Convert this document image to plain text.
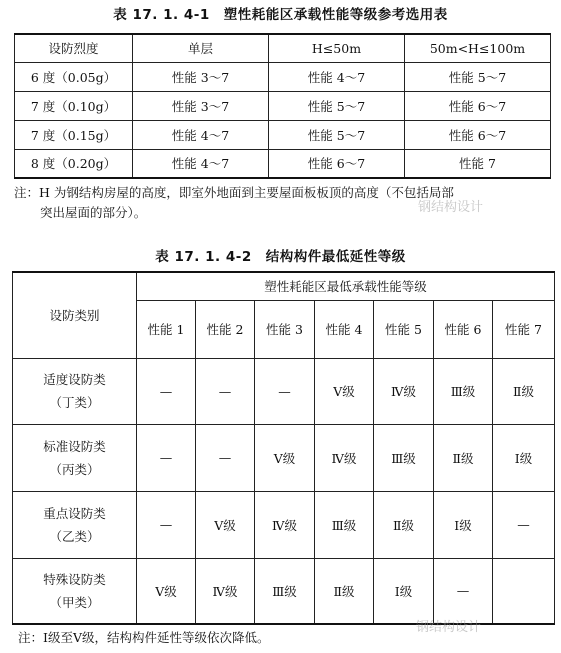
表 17. 1. 4-1　塑性耗能区承载性能等级参考选用表
设防烈度	单层	H≤50m	50m<H≤100m
6 度（0.05g）	性能 3～7	性能 4～7	性能 5～7
7 度（0.10g）	性能 3～7	性能 5～7	性能 6～7
7 度（0.15g）	性能 4～7	性能 5～7	性能 6～7
8 度（0.20g）	性能 4～7	性能 6～7	性能 7
注：H 为钢结构房屋的高度，即室外地面到主要屋面板板顶的高度（不包括局部
突出屋面的部分）。	钢结构设计
表 17. 1. 4-2　结构构件最低延性等级
设防类别	塑性耗能区最低承载性能等级						
	性能 1	性能 2	性能 3	性能 4	性能 5	性能 6	性能 7

适度设防类
（丁类）	—	—	—	Ⅴ级	Ⅳ级	Ⅲ级	Ⅱ级

标准设防类
（丙类）	—	—	Ⅴ级	Ⅳ级	Ⅲ级	Ⅱ级	Ⅰ级

重点设防类
（乙类）	—	Ⅴ级	Ⅳ级	Ⅲ级	Ⅱ级	Ⅰ级	—

特殊设防类
（甲类）	Ⅴ级	Ⅳ级	Ⅲ级	Ⅱ级	Ⅰ级	—	
注：Ⅰ级至Ⅴ级，结构构件延性等级依次降低。
钢结构设计
